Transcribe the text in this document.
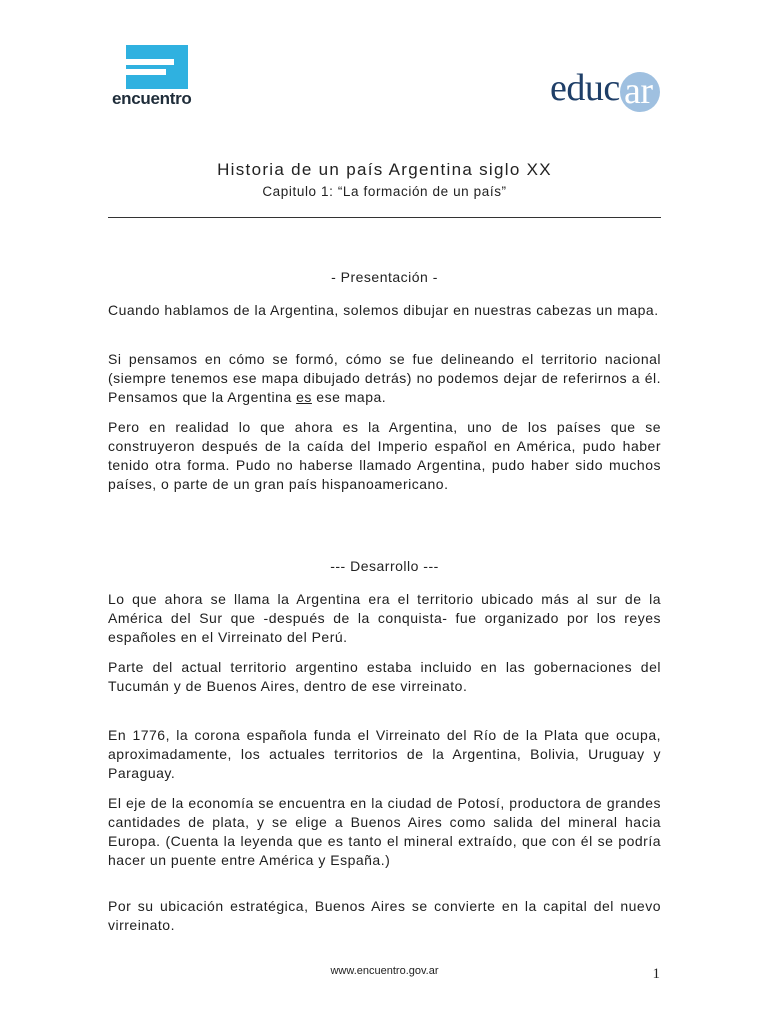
encuentro	ar
educ
Historia de un país Argentina siglo XX
Capitulo 1: “La formación de un país”
- Presentación -

Cuando hablamos de la Argentina, solemos dibujar en nuestras cabezas un mapa.

Si pensamos en cómo se formó, cómo se fue delineando el territorio nacional (siempre tenemos ese mapa dibujado detrás) no podemos dejar de referirnos a él. Pensamos que la Argentina es ese mapa.

Pero en realidad lo que ahora es la Argentina, uno de los países que se construyeron después de la caída del Imperio español en América, pudo haber tenido otra forma. Pudo no haberse llamado Argentina, pudo haber sido muchos países, o parte de un gran país hispanoamericano.

--- Desarrollo ---

Lo que ahora se llama la Argentina era el territorio ubicado más al sur de la América del Sur que -después de la conquista- fue organizado por los reyes españoles en el Virreinato del Perú.

Parte del actual territorio argentino estaba incluido en las gobernaciones del Tucumán y de Buenos Aires, dentro de ese virreinato.

En 1776, la corona española funda el Virreinato del Río de la Plata que ocupa, aproximadamente, los actuales territorios de la Argentina, Bolivia, Uruguay y Paraguay.

El eje de la economía se encuentra en la ciudad de Potosí, productora de grandes cantidades de plata, y se elige a Buenos Aires como salida del mineral hacia Europa. (Cuenta la leyenda que es tanto el mineral extraído, que con él se podría hacer un puente entre América y España.)

Por su ubicación estratégica, Buenos Aires se convierte en la capital del nuevo virreinato.

www.encuentro.gov.ar	1
